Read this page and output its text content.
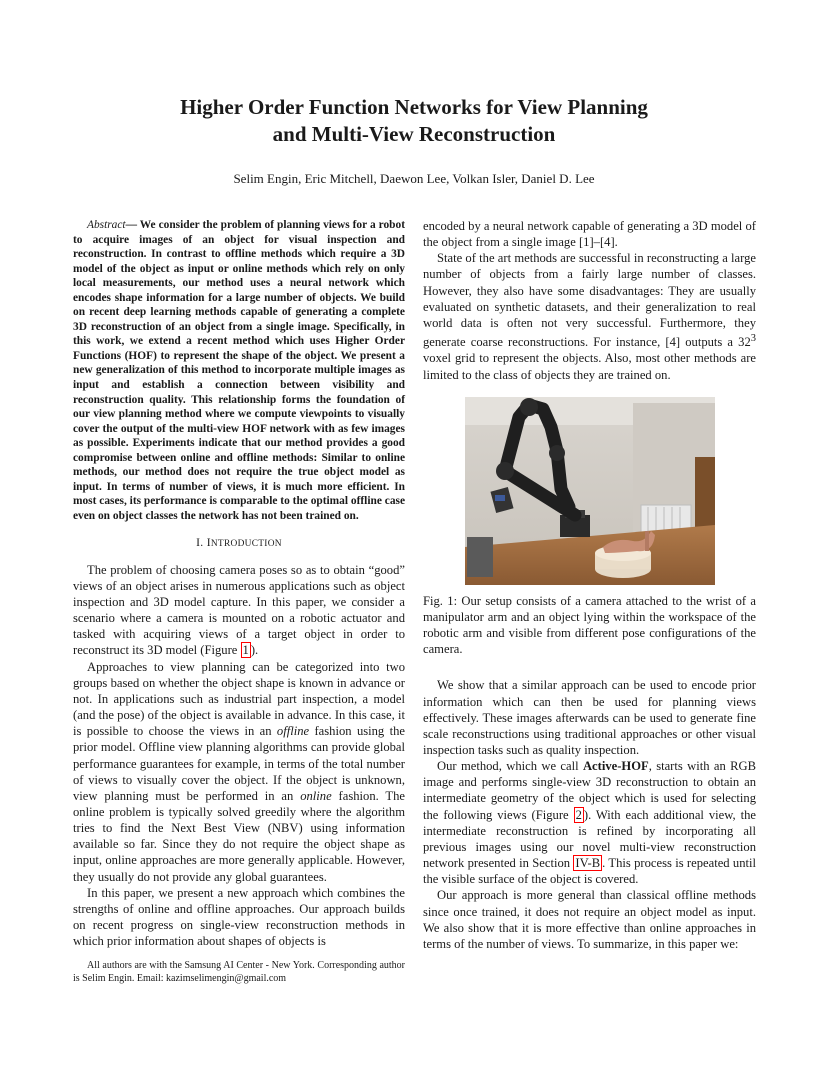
Higher Order Function Networks for View Planning
and Multi-View Reconstruction
Selim Engin, Eric Mitchell, Daewon Lee, Volkan Isler, Daniel D. Lee
Abstract— We consider the problem of planning views for a robot to acquire images of an object for visual inspection and reconstruction. In contrast to offline methods which require a 3D model of the object as input or online methods which rely on only local measurements, our method uses a neural network which encodes shape information for a large number of objects. We build on recent deep learning methods capable of generating a complete 3D reconstruction of an object from a single image. Specifically, in this work, we extend a recent method which uses Higher Order Functions (HOF) to represent the shape of the object. We present a new generalization of this method to incorporate multiple images as input and establish a connection between visibility and reconstruction quality. This relationship forms the foundation of our view planning method where we compute viewpoints to visually cover the output of the multi-view HOF network with as few images as possible. Experiments indicate that our method provides a good compromise between online and offline methods: Similar to online methods, our method does not require the true object model as input. In terms of number of views, it is much more efficient. In most cases, its performance is comparable to the optimal offline case even on object classes the network has not been trained on.
I. INTRODUCTION

The problem of choosing camera poses so as to obtain “good” views of an object arises in numerous applications such as object inspection and 3D model capture. In this paper, we consider a scenario where a camera is mounted on a robotic actuator and tasked with acquiring views of a target object in order to reconstruct its 3D model (Figure 1 ).

Approaches to view planning can be categorized into two groups based on whether the object shape is known in advance or not. In applications such as industrial part inspection, a model (and the pose) of the object is available in advance. In this case, it is possible to choose the views in an offline fashion using the prior model. Offline view planning algorithms can provide global performance guarantees for example, in terms of the total number of views to visually cover the object. If the object is unknown, view planning must be performed in an online fashion. The online problem is typically solved greedily where the algorithm tries to find the Next Best View (NBV) using information available so far. Since they do not require the object shape as input, online approaches are more generally applicable. However, they usually do not provide any global guarantees.

In this paper, we present a new approach which combines the strengths of online and offline approaches. Our approach builds on recent progress on single-view reconstruction methods in which prior information about shapes of objects is

All authors are with the Samsung AI Center - New York. Corresponding author is Selim Engin. Email: kazimselimengin@gmail.com

encoded by a neural network capable of generating a 3D model of the object from a single image [1]–[4].

State of the art methods are successful in reconstructing a large number of objects from a fairly large number of classes. However, they also have some disadvantages: They are usually evaluated on synthetic datasets, and their generalization to real world data is often not very successful. Furthermore, they generate coarse reconstructions. For instance, [4] outputs a $32^3$ voxel grid to represent the objects. Also, most other methods are limited to the class of objects they are trained on.

Fig. 1: Our setup consists of a camera attached to the wrist of a manipulator arm and an object lying within the workspace of the robotic arm and visible from different pose configurations of the camera.

We show that a similar approach can be used to encode prior information which can then be used for planning views effectively. These images afterwards can be used to generate fine scale reconstructions using traditional approaches or other visual inspection tasks such as quality inspection.

Our method, which we call Active-HOF, starts with an RGB image and performs single-view 3D reconstruction to obtain an intermediate geometry of the object which is used for selecting the following views (Figure 2 ). With each additional view, the intermediate reconstruction is refined by incorporating all previous images using our novel multi-view reconstruction network presented in Section IV-B . This process is repeated until the visible surface of the object is covered.

Our approach is more general than classical offline methods since once trained, it does not require an object model as input. We also show that it is more effective than online approaches in terms of the number of views. To summarize, in this paper we:
